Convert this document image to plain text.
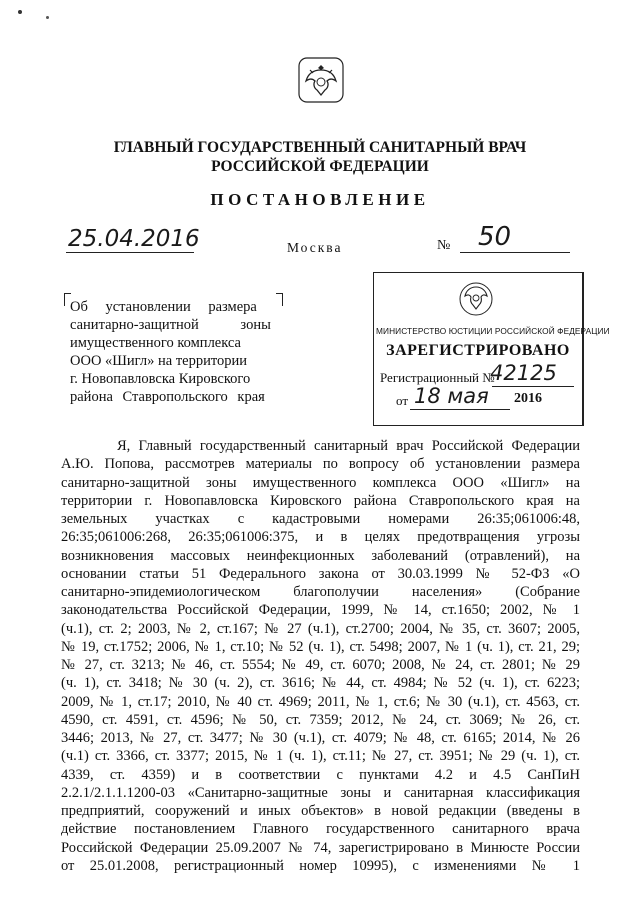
ГЛАВНЫЙ ГОСУДАРСТВЕННЫЙ САНИТАРНЫЙ ВРАЧ
РОССИЙСКОЙ ФЕДЕРАЦИИ
ПОСТАНОВЛЕНИЕ
25.04.2016	Москва	№ 50
Об установлении размера
санитарно-защитной зоны
имущественного комплекса
ООО «Шигл» на территории
г. Новопавловска Кировского
района Ставропольского края
МИНИСТЕРСТВО ЮСТИЦИИ РОССИЙСКОЙ ФЕДЕРАЦИИ
ЗАРЕГИСТРИРОВАНО
Регистрационный №
42125
от 18 мая 2016
Я, Главный государственный санитарный врач Российской Федерации
А.Ю. Попова, рассмотрев материалы по вопросу об установлении размера
санитарно-защитной зоны имущественного комплекса ООО «Шигл» на
территории г. Новопавловска Кировского района Ставропольского края на
земельных участках с кадастровыми номерами 26:35;061006:48,
26:35;061006:268, 26:35;061006:375, и в целях предотвращения угрозы
возникновения массовых неинфекционных заболеваний (отравлений), на
основании статьи 51 Федерального закона от 30.03.1999 № 52-ФЗ «О
санитарно-эпидемиологическом благополучии населения» (Собрание
законодательства Российской Федерации, 1999, № 14, ст.1650; 2002, № 1
(ч.1), ст. 2; 2003, № 2, ст.167; № 27 (ч.1), ст.2700; 2004, № 35, ст. 3607; 2005,
№ 19, ст.1752; 2006, № 1, ст.10; № 52 (ч. 1), ст. 5498; 2007, № 1 (ч. 1), ст. 21, 29;
№ 27, ст. 3213; № 46, ст. 5554; № 49, ст. 6070; 2008, № 24, ст. 2801; № 29
(ч. 1), ст. 3418; № 30 (ч. 2), ст. 3616; № 44, ст. 4984; № 52 (ч. 1), ст. 6223;
2009, № 1, ст.17; 2010, № 40 ст. 4969; 2011, № 1, ст.6; № 30 (ч.1), ст. 4563, ст.
4590, ст. 4591, ст. 4596; № 50, ст. 7359; 2012, № 24, ст. 3069; № 26, ст.
3446; 2013, № 27, ст. 3477; № 30 (ч.1), ст. 4079; № 48, ст. 6165; 2014, № 26
(ч.1) ст. 3366, ст. 3377; 2015, № 1 (ч. 1), ст.11; № 27, ст. 3951; № 29 (ч. 1), ст.
4339, ст. 4359) и в соответствии с пунктами 4.2 и 4.5 СанПиН
2.2.1/2.1.1.1200-03 «Санитарно-защитные зоны и санитарная классификация
предприятий, сооружений и иных объектов» в новой редакции (введены в
действие постановлением Главного государственного санитарного врача
Российской Федерации 25.09.2007 № 74, зарегистрировано в Минюсте России
от 25.01.2008, регистрационный номер 10995), с изменениями № 1
